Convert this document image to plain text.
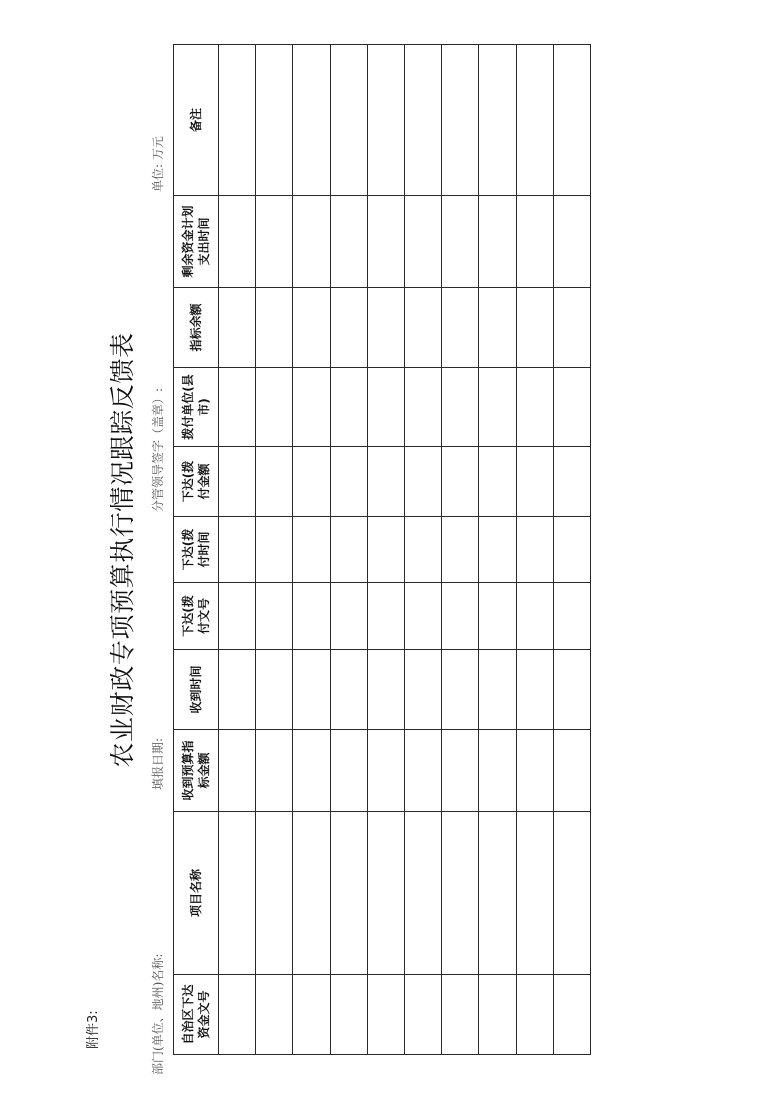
附件3:
农业财政专项预算执行情况跟踪反馈表
部门(单位、地州)名称:
填报日期:
分管领导签字（盖章）:
单位: 万元
自治区下达 资金文号	项目名称	收到预算指 标金额	收到时间	下达(拨 付文号	下达(拨 付时间	下达(拨 付金额	拨付单位(县 市)	指标余额	剩余资金计划 支出时间	备注
